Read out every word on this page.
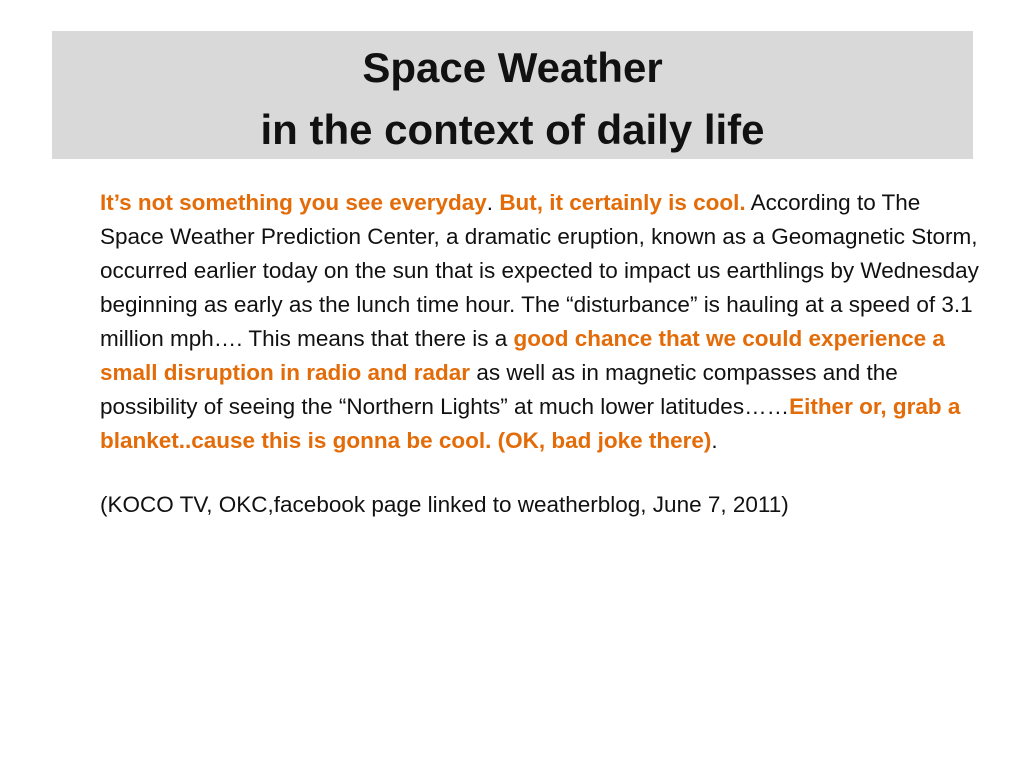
Space Weather
in the context of daily life

It’s not something you see everyday. But, it certainly is cool. According to The Space Weather Prediction Center, a dramatic eruption, known as a Geomagnetic Storm, occurred earlier today on the sun that is expected to impact us earthlings by Wednesday beginning as early as the lunch time hour. The “disturbance” is hauling at a speed of 3.1 million mph…. This means that there is a good chance that we could experience a small disruption in radio and radar as well as in magnetic compasses and the possibility of seeing the “Northern Lights” at much lower latitudes……Either or, grab a blanket..cause this is gonna be cool. (OK, bad joke there).

(KOCO TV, OKC,facebook page linked to weatherblog, June 7, 2011)
